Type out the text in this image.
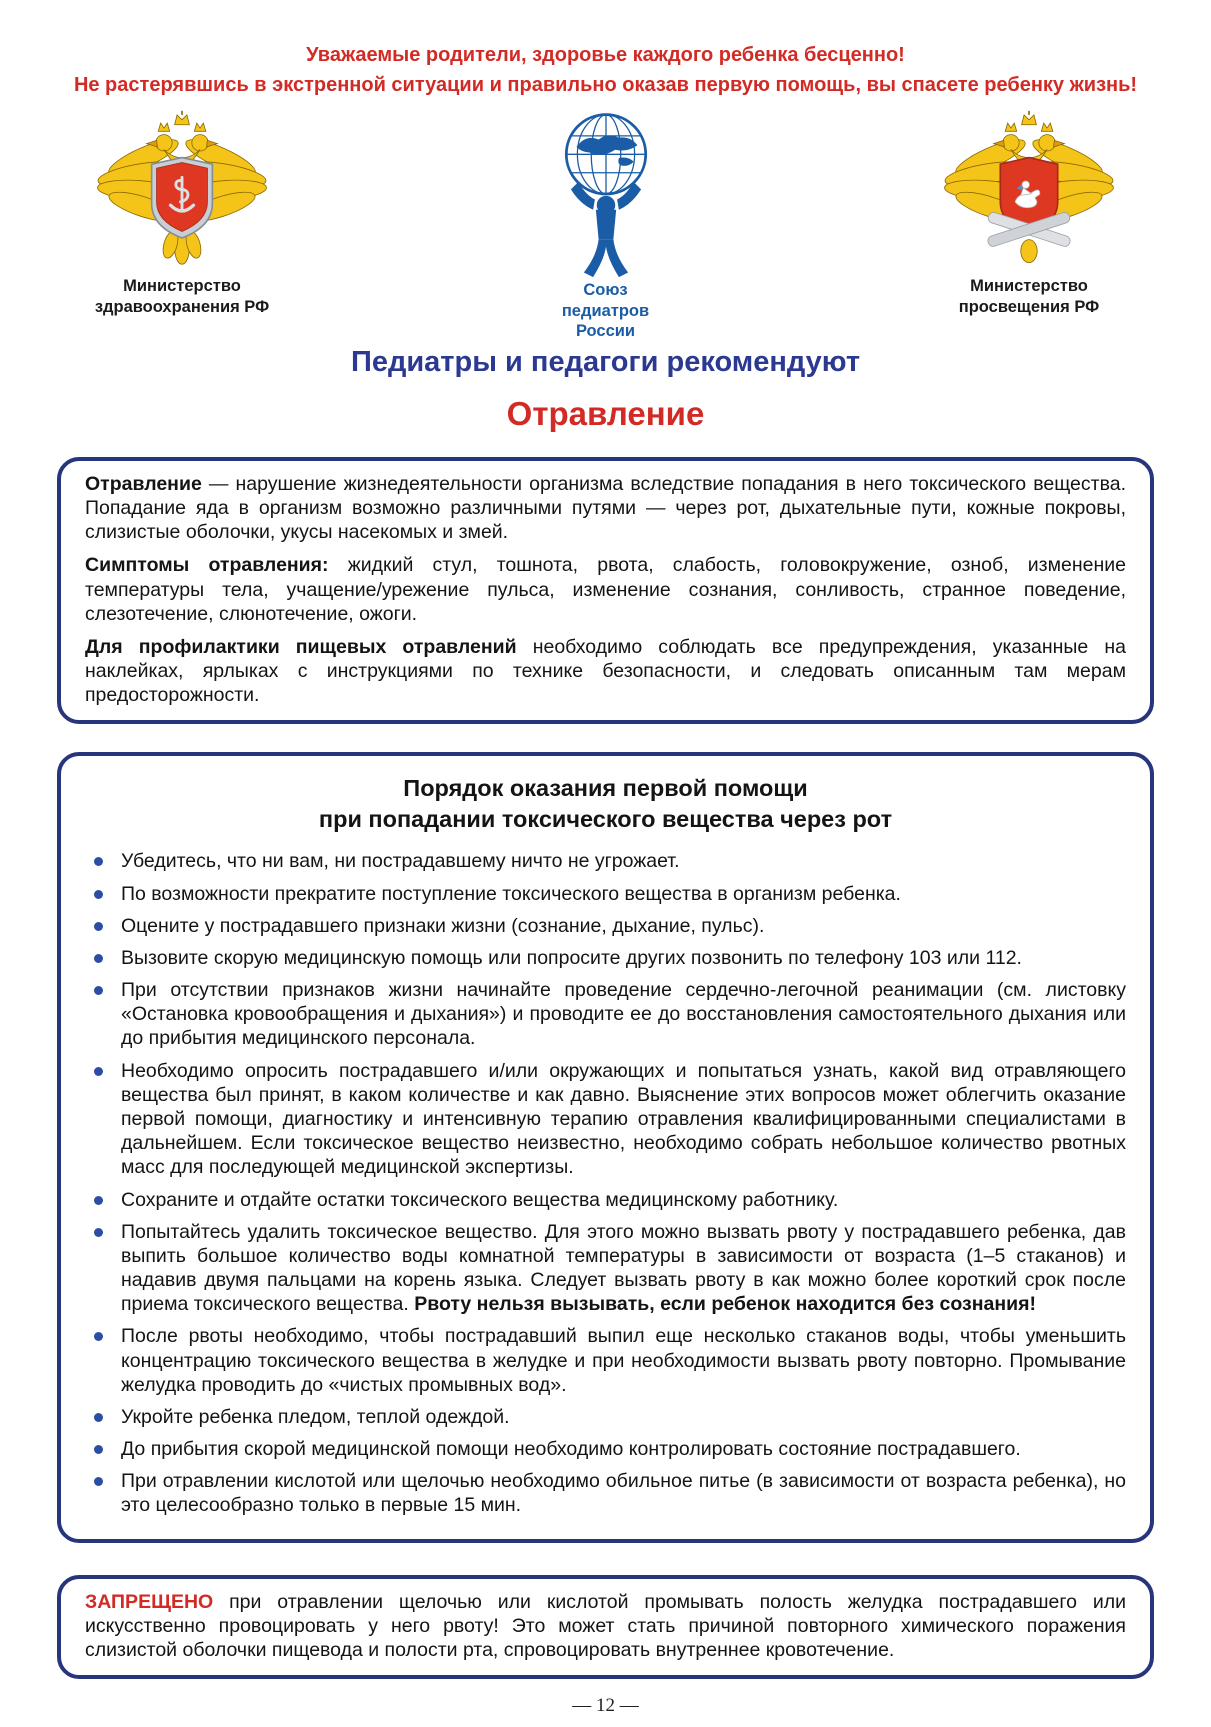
Уважаемые родители, здоровье каждого ребенка бесценно!
Не растерявшись в экстренной ситуации и правильно оказав первую помощь, вы спасете ребенку жизнь!
Министерство
здравоохранения РФ
Союз
педиатров
России
Министерство
просвещения РФ
Педиатры и педагоги рекомендуют
Отравление

Отравление — нарушение жизнедеятельности организма вследствие попадания в него токсического вещества. Попадание яда в организм возможно различными путями — через рот, дыхательные пути, кожные покровы, слизистые оболочки, укусы насекомых и змей.

Симптомы отравления: жидкий стул, тошнота, рвота, слабость, головокружение, озноб, изменение температуры тела, учащение/урежение пульса, изменение сознания, сонливость, странное поведение, слезотечение, слюнотечение, ожоги.

Для профилактики пищевых отравлений необходимо соблюдать все предупреждения, указанные на наклейках, ярлыках с инструкциями по технике безопасности, и следовать описанным там мерам предосторожности.

Порядок оказания первой помощи
при попадании токсического вещества через рот
Убедитесь, что ни вам, ни пострадавшему ничто не угрожает.
По возможности прекратите поступление токсического вещества в организм ребенка.
Оцените у пострадавшего признаки жизни (сознание, дыхание, пульс).
Вызовите скорую медицинскую помощь или попросите других позвонить по телефону 103 или 112.
При отсутствии признаков жизни начинайте проведение сердечно-легочной реанимации (см. листовку «Остановка кровообращения и дыхания») и проводите ее до восстановления самостоятельного дыхания или до прибытия медицинского персонала.
Необходимо опросить пострадавшего и/или окружающих и попытаться узнать, какой вид отравляющего вещества был принят, в каком количестве и как давно. Выяснение этих вопросов может облегчить оказание первой помощи, диагностику и интенсивную терапию отравления квалифицированными специалистами в дальнейшем. Если токсическое вещество неизвестно, необходимо собрать небольшое количество рвотных масс для последующей медицинской экспертизы.
Сохраните и отдайте остатки токсического вещества медицинскому работнику.
Попытайтесь удалить токсическое вещество. Для этого можно вызвать рвоту у пострадавшего ребенка, дав выпить большое количество воды комнатной температуры в зависимости от возраста (1–5 стаканов) и надавив двумя пальцами на корень языка. Следует вызвать рвоту в как можно более короткий срок после приема токсического вещества. Рвоту нельзя вызывать, если ребенок находится без сознания!
После рвоты необходимо, чтобы пострадавший выпил еще несколько стаканов воды, чтобы уменьшить концентрацию токсического вещества в желудке и при необходимости вызвать рвоту повторно. Промывание желудка проводить до «чистых промывных вод».
Укройте ребенка пледом, теплой одеждой.
До прибытия скорой медицинской помощи необходимо контролировать состояние пострадавшего.
При отравлении кислотой или щелочью необходимо обильное питье (в зависимости от возраста ребенка), но это целесообразно только в первые 15 мин.

ЗАПРЕЩЕНО при отравлении щелочью или кислотой промывать полость желудка пострадавшего или искусственно провоцировать у него рвоту! Это может стать причиной повторного химического поражения слизистой оболочки пищевода и полости рта, спровоцировать внутреннее кровотечение.

— 12 —
